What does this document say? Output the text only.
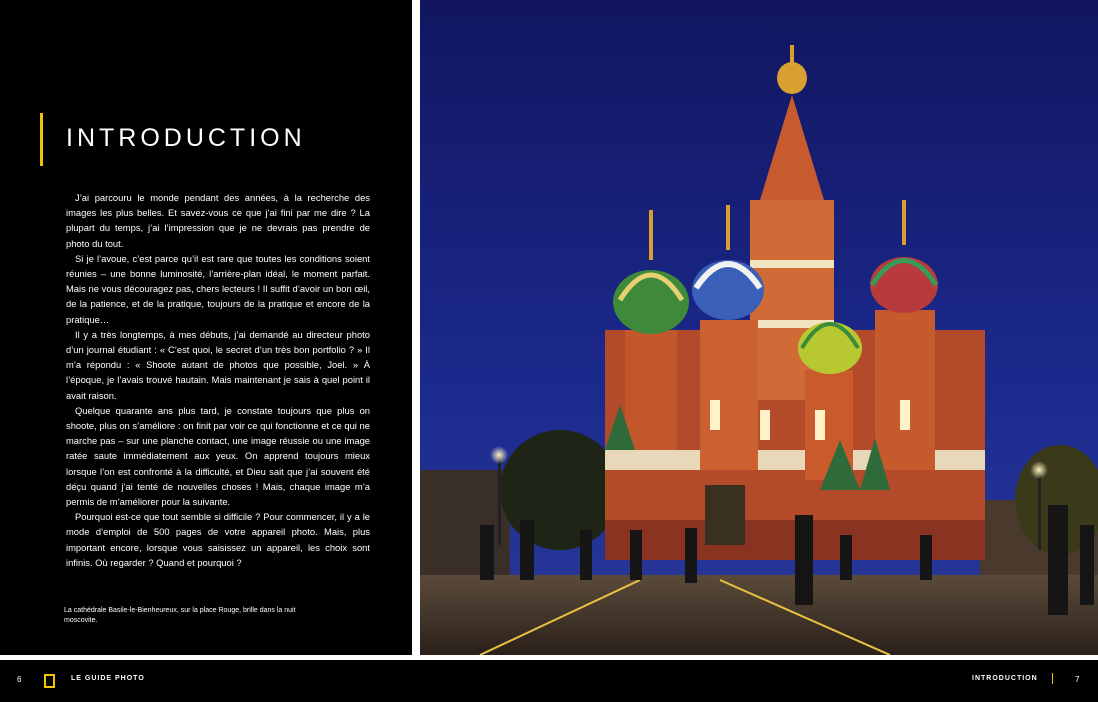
INTRODUCTION

J’ai parcouru le monde pendant des années, à la recherche des images les plus belles. Et savez-vous ce que j’ai fini par me dire ? La plupart du temps, j’ai l’impression que je ne devrais pas prendre de photo du tout.

Si je l’avoue, c’est parce qu’il est rare que toutes les conditions soient réunies – une bonne luminosité, l’arrière-plan idéal, le moment parfait. Mais ne vous découragez pas, chers lecteurs ! Il suffit d’avoir un bon œil, de la patience, et de la pratique, toujours de la pratique et encore de la pratique…

Il y a très longtemps, à mes débuts, j’ai demandé au directeur photo d’un journal étudiant : « C’est quoi, le secret d’un très bon portfolio ? » Il m’a répondu : « Shoote autant de photos que possible, Joel. » À l’époque, je l’avais trouvé hautain. Mais maintenant je sais à quel point il avait raison.

Quelque quarante ans plus tard, je constate toujours que plus on shoote, plus on s’améliore : on finit par voir ce qui fonctionne et ce qui ne marche pas – sur une planche contact, une image réussie ou une image ratée saute immédiatement aux yeux. On apprend toujours mieux lorsque l’on est confronté à la difficulté, et Dieu sait que j’ai souvent été déçu quand j’ai tenté de nouvelles choses ! Mais, chaque image m’a permis de m’améliorer pour la suivante.

Pourquoi est-ce que tout semble si difficile ? Pour commencer, il y a le mode d’emploi de 500 pages de votre appareil photo. Mais, plus important encore, lorsque vous saisissez un appareil, les choix sont infinis. Où regarder ? Quand et pourquoi ?

La cathédrale Basile-le-Bienheureux, sur la place Rouge, brille dans la nuit moscovite.
6	LE GUIDE PHOTO	INTRODUCTION	7
